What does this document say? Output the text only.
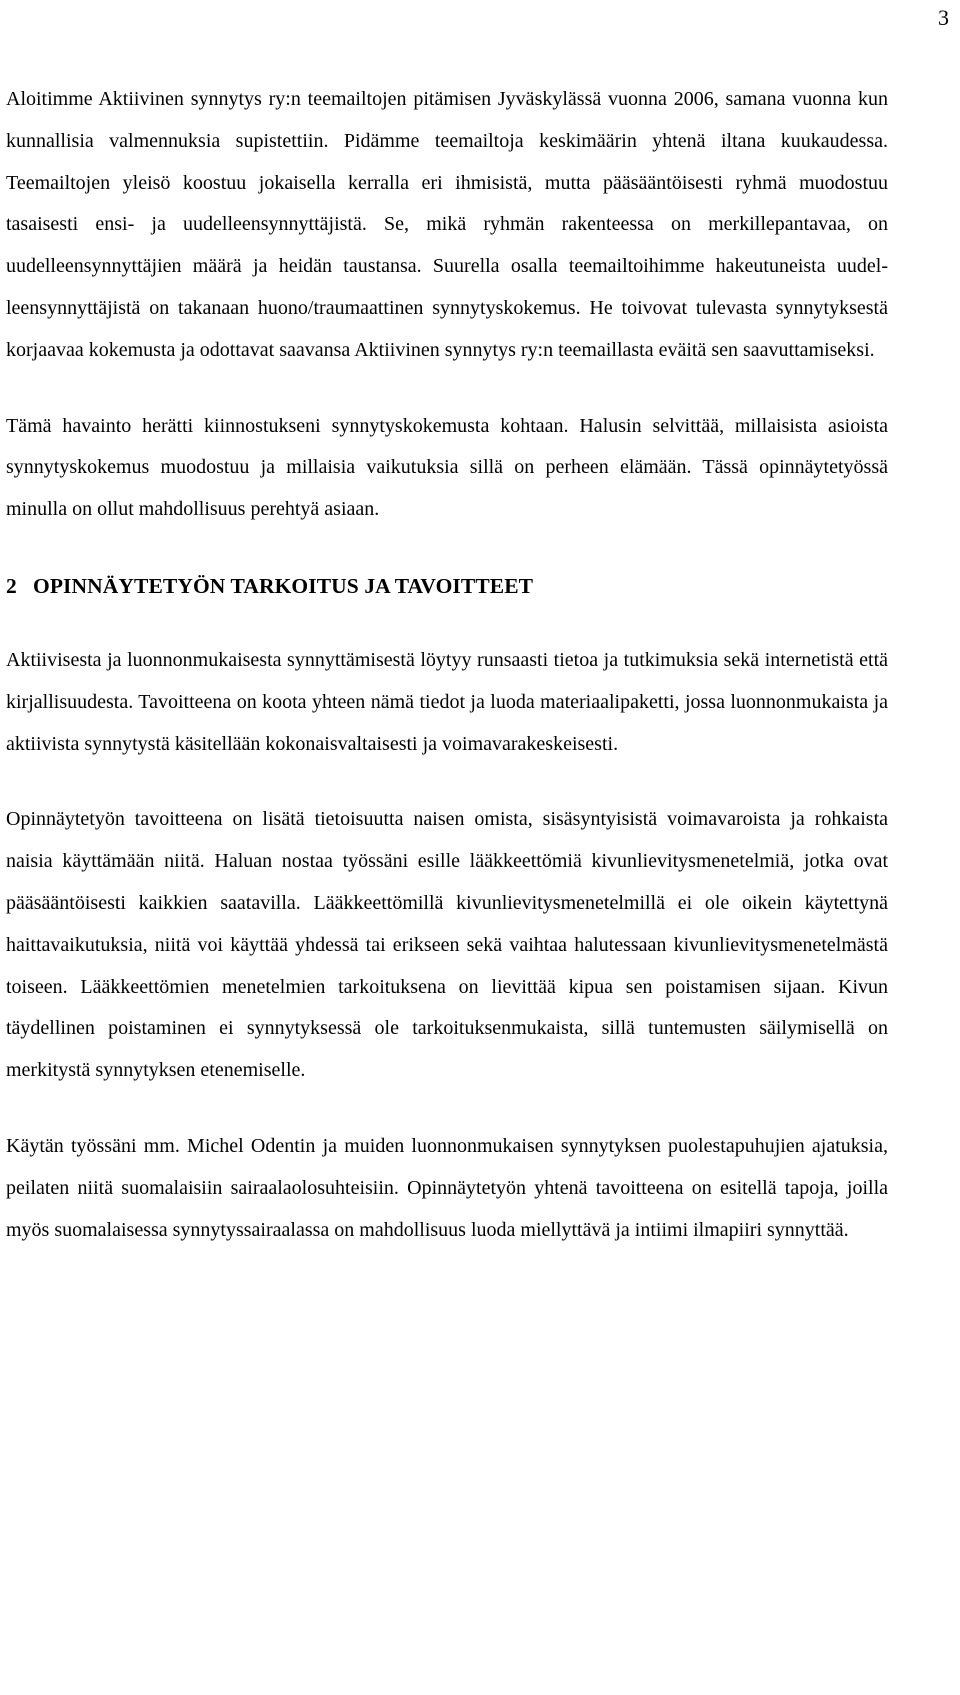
3

Aloitimme Aktiivinen synnytys ry:n teemailtojen pitämisen Jyväskylässä vuonna 2006, samana vuonna kun kunnallisia valmennuksia supistettiin. Pidämme teemailtoja keskimäärin yhtenä iltana kuukaudessa. Teemailtojen yleisö koostuu jokaisella kerralla eri ihmisistä, mutta pääsääntöisesti ryhmä muodostuu tasaisesti ensi- ja uudelleensynnyttäjistä. Se, mikä ryhmän rakenteessa on merkillepantavaa, on uudelleensynnyttäjien määrä ja heidän taustansa. Suurella osalla teemailtoihimme hakeutuneista uudelleensynnyttäjistä on takanaan huono/traumaattinen synnytyskokemus. He toivovat tulevasta synnytyksestä korjaavaa kokemusta ja odottavat saavansa Aktiivinen synnytys ry:n teemaillasta eväitä sen saavuttamiseksi.

Tämä havainto herätti kiinnostukseni synnytyskokemusta kohtaan. Halusin selvittää, millaisista asioista synnytyskokemus muodostuu ja millaisia vaikutuksia sillä on perheen elämään. Tässä opinnäytetyössä minulla on ollut mahdollisuus perehtyä asiaan.

2 OPINNÄYTETYÖN TARKOITUS JA TAVOITTEET

Aktiivisesta ja luonnonmukaisesta synnyttämisestä löytyy runsaasti tietoa ja tutkimuksia sekä internetistä että kirjallisuudesta. Tavoitteena on koota yhteen nämä tiedot ja luoda materiaalipaketti, jossa luonnonmukaista ja aktiivista synnytystä käsitellään kokonaisvaltaisesti ja voimavarakeskeisesti.

Opinnäytetyön tavoitteena on lisätä tietoisuutta naisen omista, sisäsyntyisistä voimavaroista ja rohkaista naisia käyttämään niitä. Haluan nostaa työssäni esille lääkkeettömiä kivunlievitysmenetelmiä, jotka ovat pääsääntöisesti kaikkien saatavilla. Lääkkeettömillä kivunlievitysmenetelmillä ei ole oikein käytettynä haittavaikutuksia, niitä voi käyttää yhdessä tai erikseen sekä vaihtaa halutessaan kivunlievitysmenetelmästä toiseen. Lääkkeettömien menetelmien tarkoituksena on lievittää kipua sen poistamisen sijaan. Kivun täydellinen poistaminen ei synnytyksessä ole tarkoituksenmukaista, sillä tuntemusten säilymisellä on merkitystä synnytyksen etenemiselle.

Käytän työssäni mm. Michel Odentin ja muiden luonnonmukaisen synnytyksen puolestapuhujien ajatuksia, peilaten niitä suomalaisiin sairaalaolosuhteisiin. Opinnäytetyön yhtenä tavoitteena on esitellä tapoja, joilla myös suomalaisessa synnytyssairaalassa on mahdollisuus luoda miellyttävä ja intiimi ilmapiiri synnyttää.
